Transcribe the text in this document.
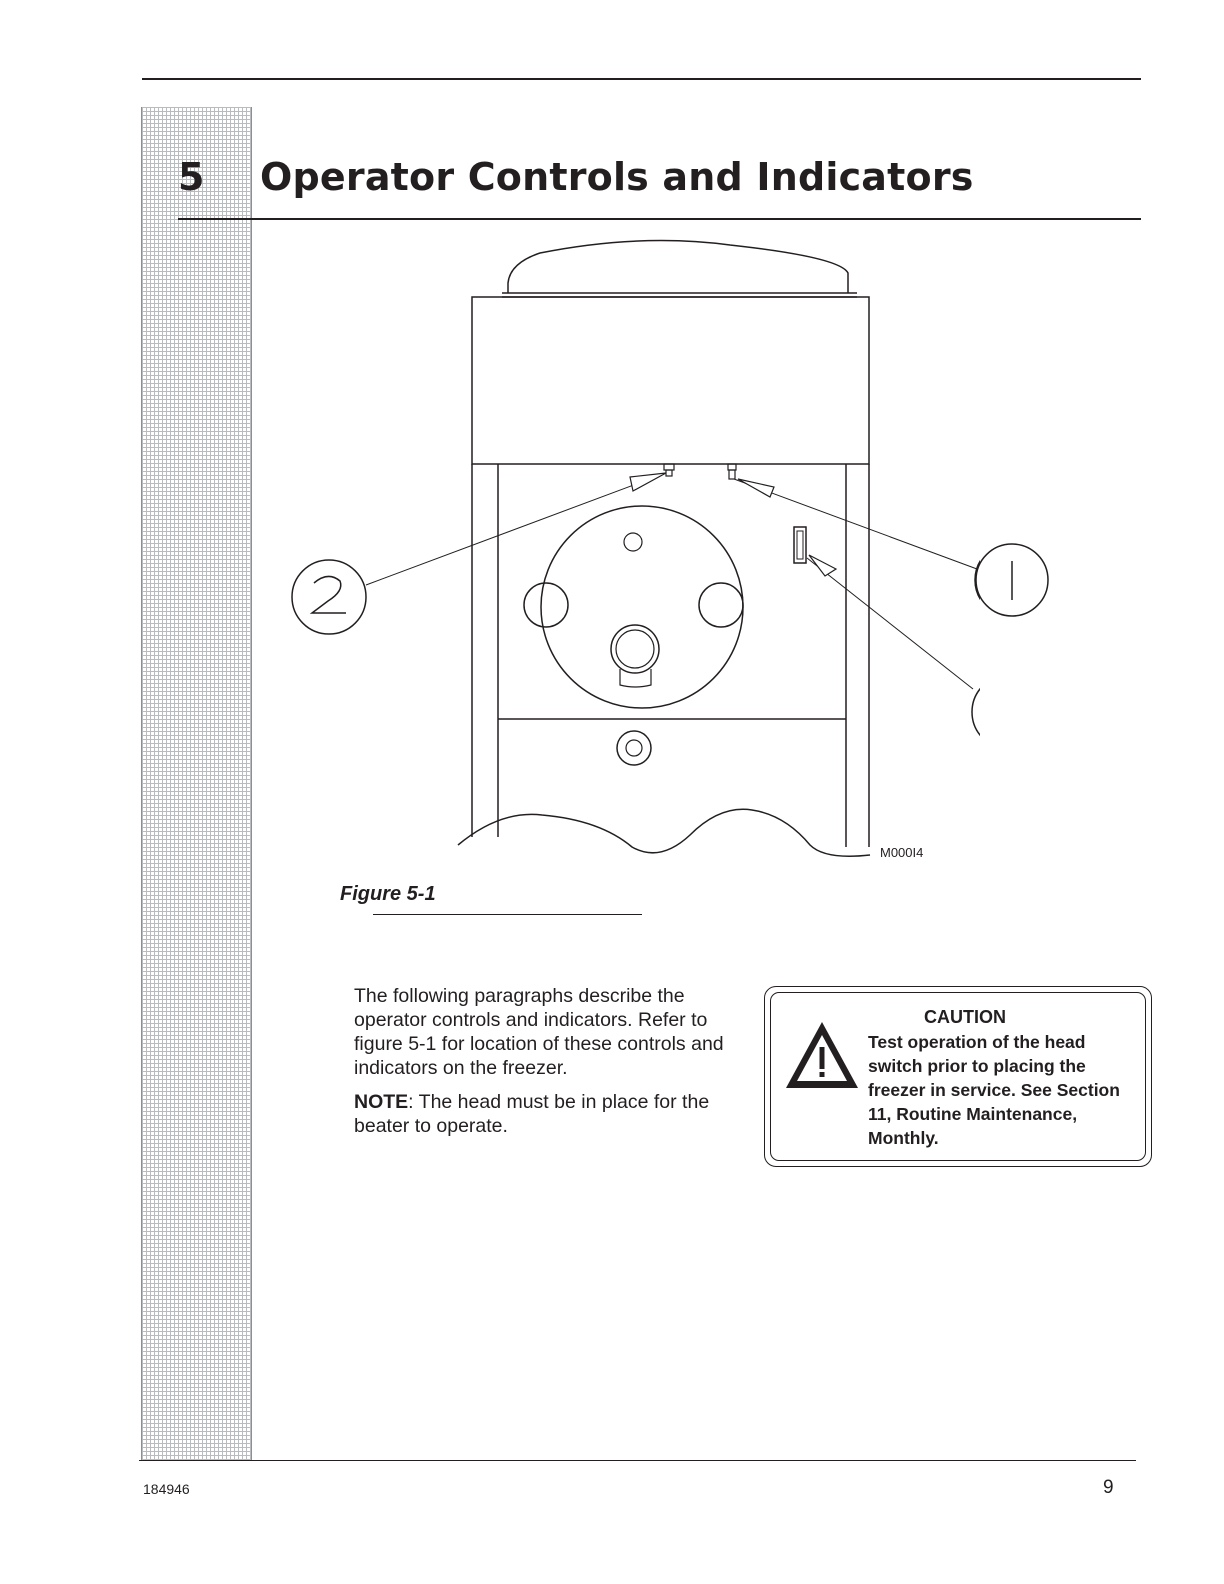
5 Operator Controls and Indicators
M000I4

Figure 5-1

The following paragraphs describe the operator controls and indicators. Refer to figure 5-1 for location of these controls and indicators on the freezer.

NOTE: The head must be in place for the beater to operate.

CAUTION

Test operation of the head switch prior to placing the freezer in service. See Section 11, Routine Maintenance, Monthly.

184946	9
